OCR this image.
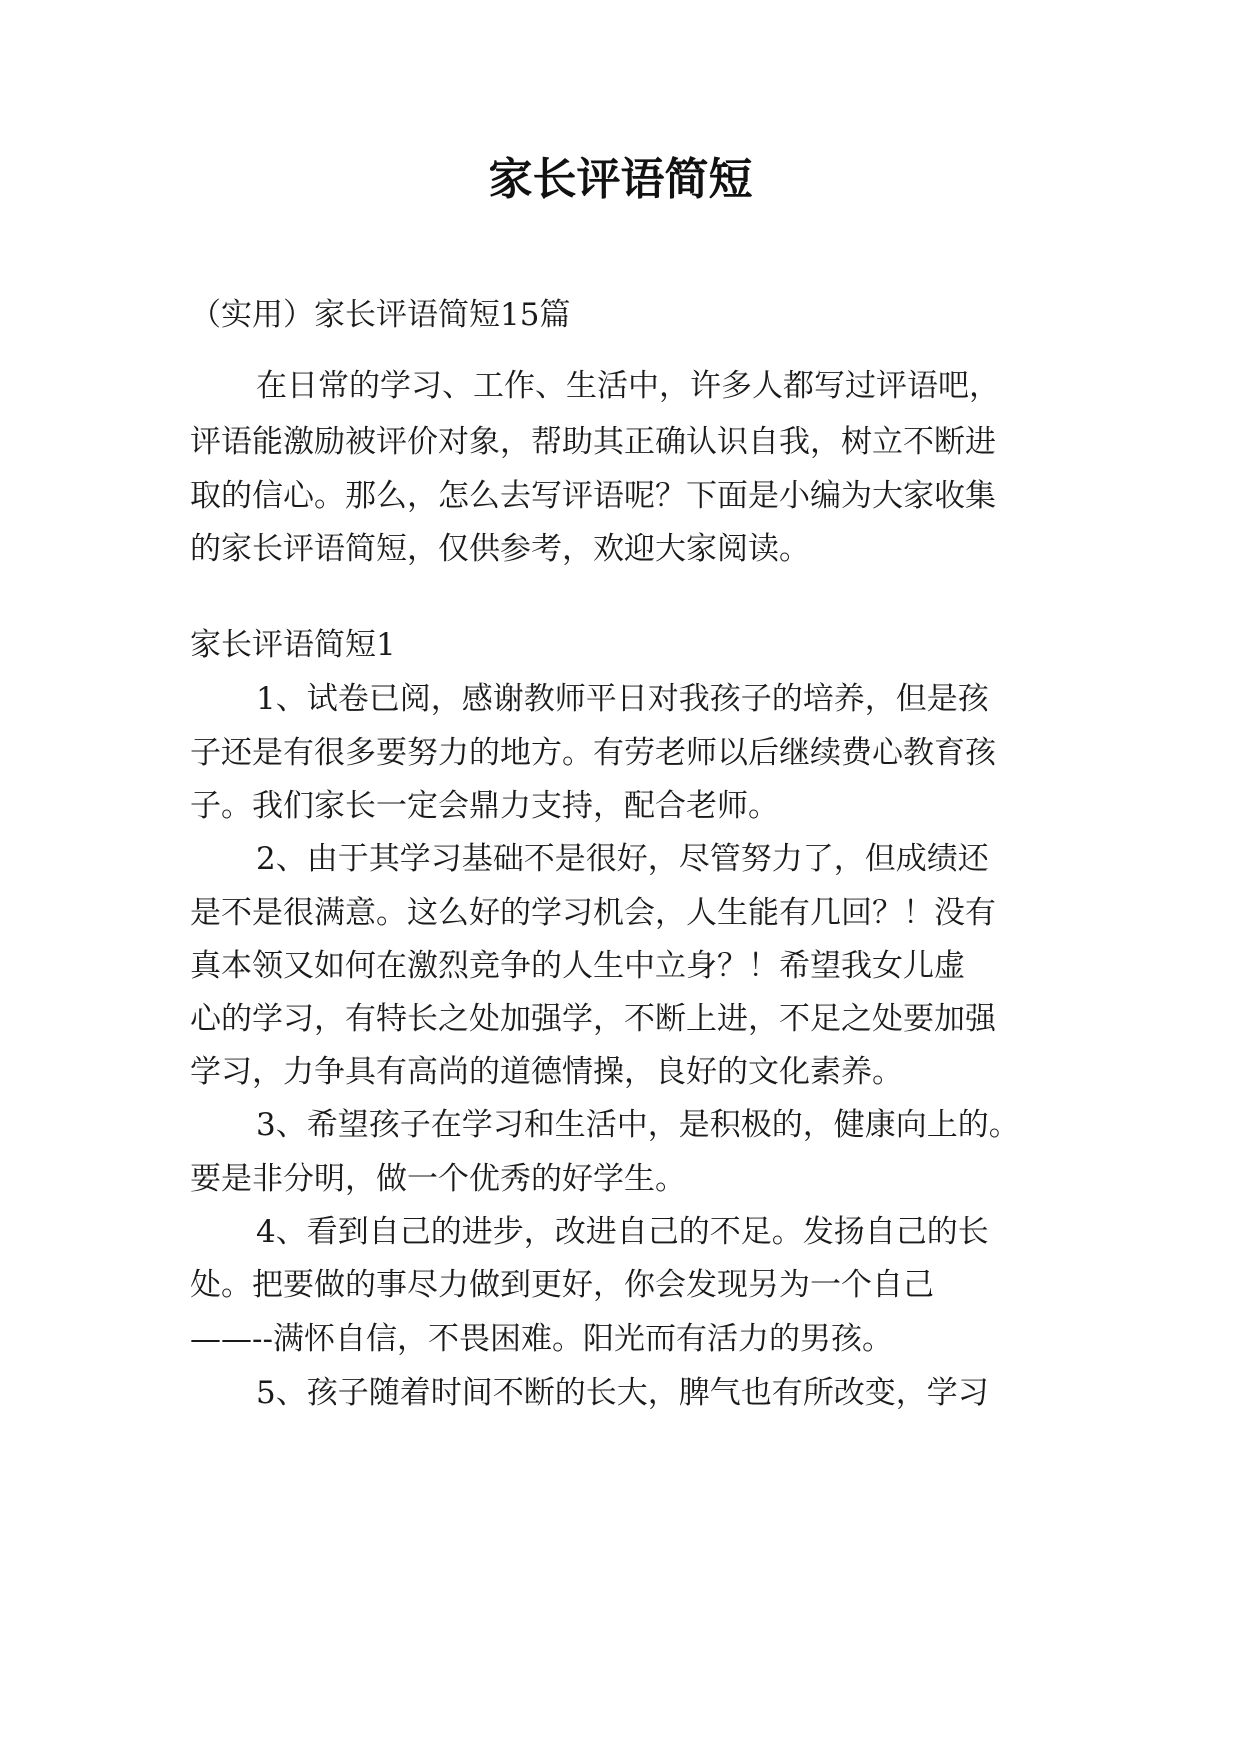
家长评语简短
（实用）家长评语简短15篇
在日常的学习、工作、生活中，许多人都写过评语吧，
评语能激励被评价对象，帮助其正确认识自我，树立不断进
取的信心。那么，怎么去写评语呢？下面是小编为大家收集
的家长评语简短，仅供参考，欢迎大家阅读。
家长评语简短1
1、试卷已阅，感谢教师平日对我孩子的培养，但是孩
子还是有很多要努力的地方。有劳老师以后继续费心教育孩
子。我们家长一定会鼎力支持，配合老师。
2、由于其学习基础不是很好，尽管努力了，但成绩还
是不是很满意。这么好的学习机会，人生能有几回？！没有
真本领又如何在激烈竞争的人生中立身？！希望我女儿虚
心的学习，有特长之处加强学，不断上进，不足之处要加强
学习，力争具有高尚的道德情操，良好的文化素养。
3、希望孩子在学习和生活中，是积极的，健康向上的。
要是非分明，做一个优秀的好学生。
4、看到自己的进步，改进自己的不足。发扬自己的长
处。把要做的事尽力做到更好，你会发现另为一个自己
——--满怀自信，不畏困难。阳光而有活力的男孩。
5、孩子随着时间不断的长大，脾气也有所改变，学习
